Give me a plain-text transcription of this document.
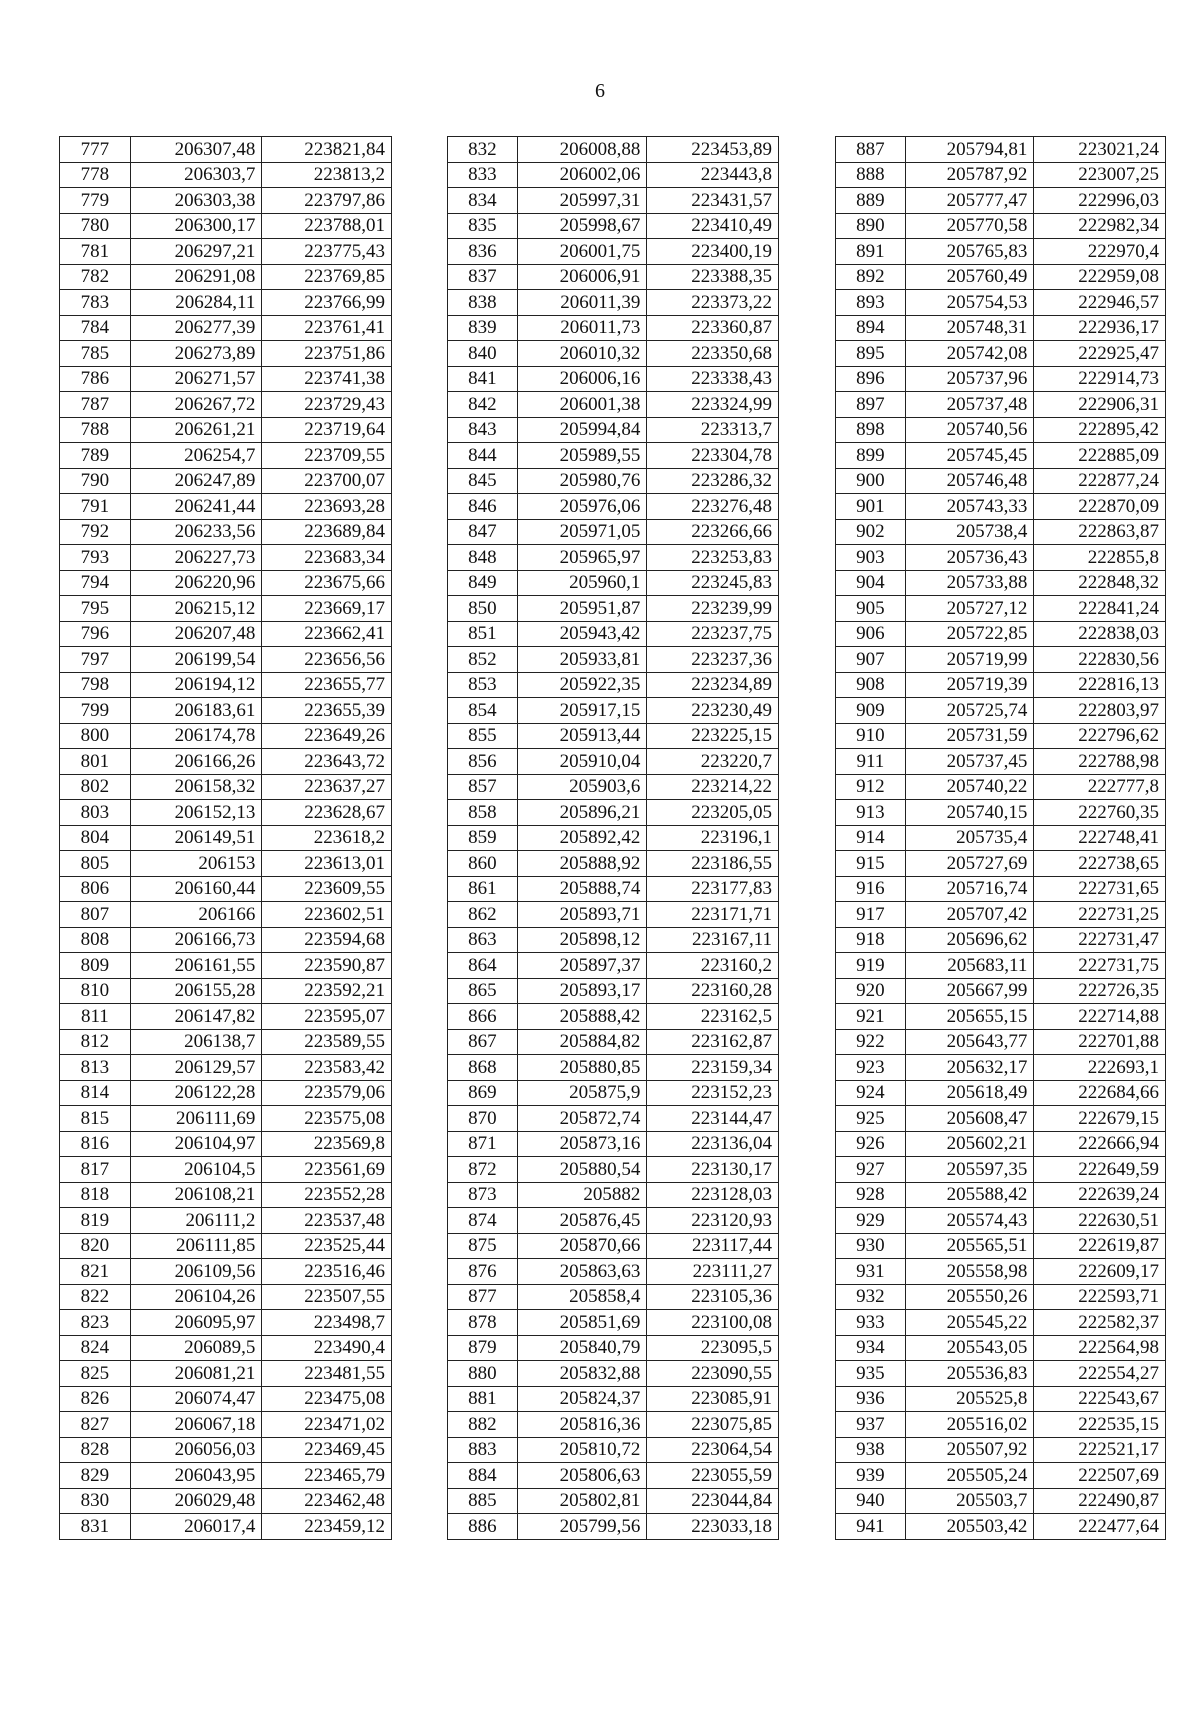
6
777	206307,48	223821,84
778	206303,7	223813,2
779	206303,38	223797,86
780	206300,17	223788,01
781	206297,21	223775,43
782	206291,08	223769,85
783	206284,11	223766,99
784	206277,39	223761,41
785	206273,89	223751,86
786	206271,57	223741,38
787	206267,72	223729,43
788	206261,21	223719,64
789	206254,7	223709,55
790	206247,89	223700,07
791	206241,44	223693,28
792	206233,56	223689,84
793	206227,73	223683,34
794	206220,96	223675,66
795	206215,12	223669,17
796	206207,48	223662,41
797	206199,54	223656,56
798	206194,12	223655,77
799	206183,61	223655,39
800	206174,78	223649,26
801	206166,26	223643,72
802	206158,32	223637,27
803	206152,13	223628,67
804	206149,51	223618,2
805	206153	223613,01
806	206160,44	223609,55
807	206166	223602,51
808	206166,73	223594,68
809	206161,55	223590,87
810	206155,28	223592,21
811	206147,82	223595,07
812	206138,7	223589,55
813	206129,57	223583,42
814	206122,28	223579,06
815	206111,69	223575,08
816	206104,97	223569,8
817	206104,5	223561,69
818	206108,21	223552,28
819	206111,2	223537,48
820	206111,85	223525,44
821	206109,56	223516,46
822	206104,26	223507,55
823	206095,97	223498,7
824	206089,5	223490,4
825	206081,21	223481,55
826	206074,47	223475,08
827	206067,18	223471,02
828	206056,03	223469,45
829	206043,95	223465,79
830	206029,48	223462,48
831	206017,4	223459,12
832	206008,88	223453,89
833	206002,06	223443,8
834	205997,31	223431,57
835	205998,67	223410,49
836	206001,75	223400,19
837	206006,91	223388,35
838	206011,39	223373,22
839	206011,73	223360,87
840	206010,32	223350,68
841	206006,16	223338,43
842	206001,38	223324,99
843	205994,84	223313,7
844	205989,55	223304,78
845	205980,76	223286,32
846	205976,06	223276,48
847	205971,05	223266,66
848	205965,97	223253,83
849	205960,1	223245,83
850	205951,87	223239,99
851	205943,42	223237,75
852	205933,81	223237,36
853	205922,35	223234,89
854	205917,15	223230,49
855	205913,44	223225,15
856	205910,04	223220,7
857	205903,6	223214,22
858	205896,21	223205,05
859	205892,42	223196,1
860	205888,92	223186,55
861	205888,74	223177,83
862	205893,71	223171,71
863	205898,12	223167,11
864	205897,37	223160,2
865	205893,17	223160,28
866	205888,42	223162,5
867	205884,82	223162,87
868	205880,85	223159,34
869	205875,9	223152,23
870	205872,74	223144,47
871	205873,16	223136,04
872	205880,54	223130,17
873	205882	223128,03
874	205876,45	223120,93
875	205870,66	223117,44
876	205863,63	223111,27
877	205858,4	223105,36
878	205851,69	223100,08
879	205840,79	223095,5
880	205832,88	223090,55
881	205824,37	223085,91
882	205816,36	223075,85
883	205810,72	223064,54
884	205806,63	223055,59
885	205802,81	223044,84
886	205799,56	223033,18
887	205794,81	223021,24
888	205787,92	223007,25
889	205777,47	222996,03
890	205770,58	222982,34
891	205765,83	222970,4
892	205760,49	222959,08
893	205754,53	222946,57
894	205748,31	222936,17
895	205742,08	222925,47
896	205737,96	222914,73
897	205737,48	222906,31
898	205740,56	222895,42
899	205745,45	222885,09
900	205746,48	222877,24
901	205743,33	222870,09
902	205738,4	222863,87
903	205736,43	222855,8
904	205733,88	222848,32
905	205727,12	222841,24
906	205722,85	222838,03
907	205719,99	222830,56
908	205719,39	222816,13
909	205725,74	222803,97
910	205731,59	222796,62
911	205737,45	222788,98
912	205740,22	222777,8
913	205740,15	222760,35
914	205735,4	222748,41
915	205727,69	222738,65
916	205716,74	222731,65
917	205707,42	222731,25
918	205696,62	222731,47
919	205683,11	222731,75
920	205667,99	222726,35
921	205655,15	222714,88
922	205643,77	222701,88
923	205632,17	222693,1
924	205618,49	222684,66
925	205608,47	222679,15
926	205602,21	222666,94
927	205597,35	222649,59
928	205588,42	222639,24
929	205574,43	222630,51
930	205565,51	222619,87
931	205558,98	222609,17
932	205550,26	222593,71
933	205545,22	222582,37
934	205543,05	222564,98
935	205536,83	222554,27
936	205525,8	222543,67
937	205516,02	222535,15
938	205507,92	222521,17
939	205505,24	222507,69
940	205503,7	222490,87
941	205503,42	222477,64
